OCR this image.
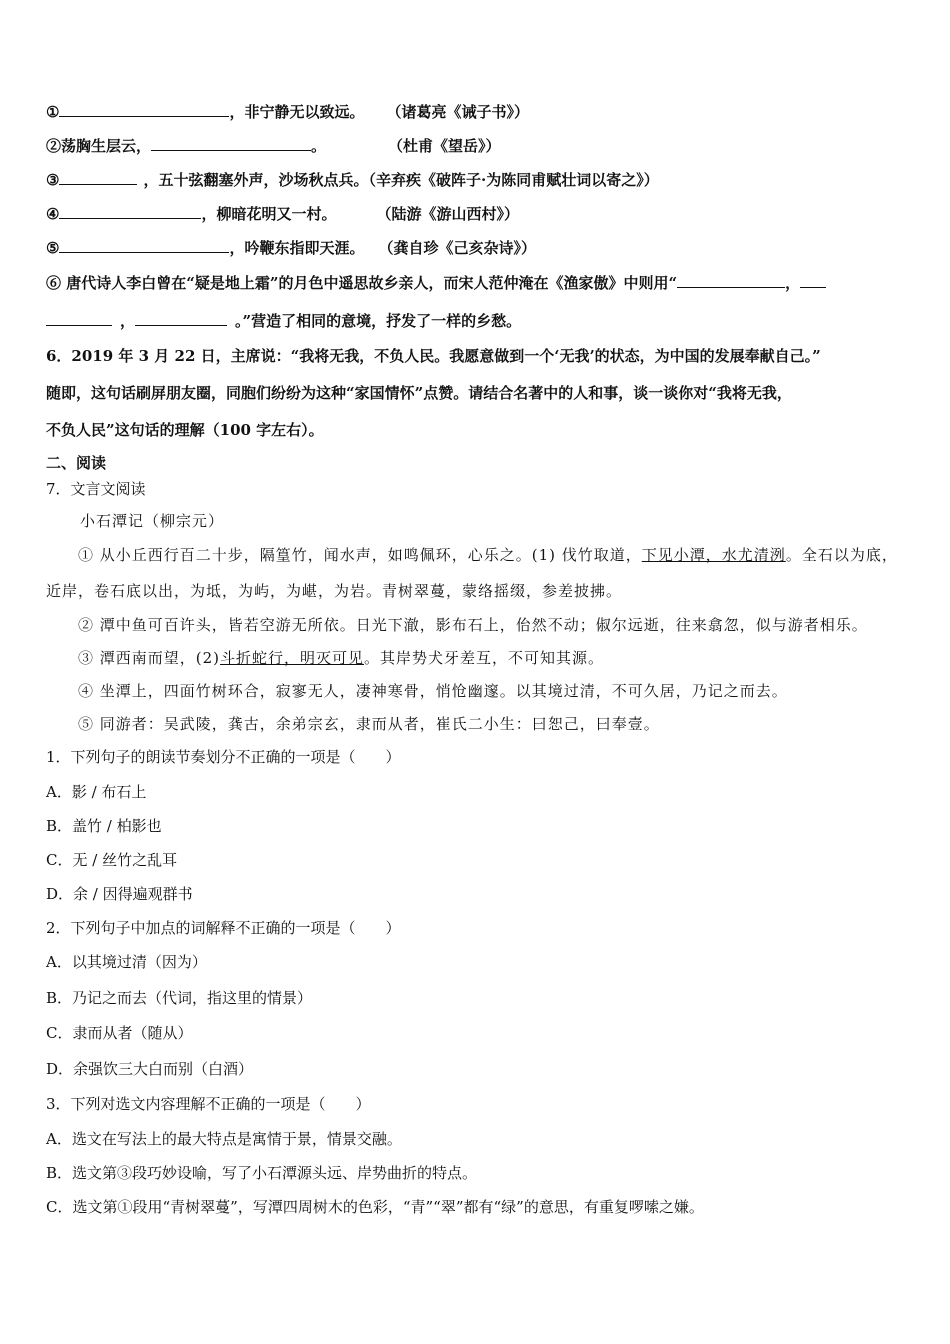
①	，非宁静无以致远。 （诸葛亮《诫子书》）
②荡胸生层云，	。	（杜甫《望岳》）
③	，五十弦翻塞外声，沙场秋点兵。（辛弃疾《破阵子·为陈同甫赋壮词以寄之》）
④	，柳暗花明又一村。	（陆游《游山西村》）
⑤	，吟鞭东指即天涯。 （龚自珍《己亥杂诗》）
⑥ 唐代诗人李白曾在“疑是地上霜”的月色中遥思故乡亲人，而宋人范仲淹在《渔家傲》中则用“	，
，	。”营造了相同的意境，抒发了一样的乡愁。
6．2019 年 3 月 22 日，主席说：“我将无我，不负人民。我愿意做到一个‘无我’的状态，为中国的发展奉献自己。”
随即，这句话刷屏朋友圈，同胞们纷纷为这种“家国情怀”点赞。请结合名著中的人和事，谈一谈你对“我将无我，
不负人民”这句话的理解（100 字左右）。
二、阅读
7．文言文阅读
小石潭记（柳宗元）
① 从小丘西行百二十步，隔篁竹，闻水声，如鸣佩环，心乐之。(1) 伐竹取道，下见小潭，水尤清洌。全石以为底，
近岸，卷石底以出，为坻，为屿，为嵁，为岩。青树翠蔓，蒙络摇缀，参差披拂。
② 潭中鱼可百许头，皆若空游无所依。日光下澈，影布石上，佁然不动；俶尔远逝，往来翕忽，似与游者相乐。
③ 潭西南而望，(2)斗折蛇行，明灭可见。其岸势犬牙差互，不可知其源。
④ 坐潭上，四面竹树环合，寂寥无人，凄神寒骨，悄怆幽邃。以其境过清，不可久居，乃记之而去。
⑤ 同游者：吴武陵，龚古，余弟宗玄，隶而从者，崔氏二小生：曰恕己，曰奉壹。
1．下列句子的朗读节奏划分不正确的一项是（　　）
A．影 / 布石上
B．盖竹 / 柏影也
C．无 / 丝竹之乱耳
D．余 / 因得遍观群书
2．下列句子中加点的词解释不正确的一项是（　　）
A．以其境过清（因为）
B．乃记之而去（代词，指这里的情景）
C．隶而从者（随从）
D．余强饮三大白而别（白酒）
3．下列对选文内容理解不正确的一项是（　　）
A．选文在写法上的最大特点是寓情于景，情景交融。
B．选文第③段巧妙设喻，写了小石潭源头远、岸势曲折的特点。
C．选文第①段用“青树翠蔓”，写潭四周树木的色彩，“青”“翠”都有“绿”的意思，有重复啰嗦之嫌。
